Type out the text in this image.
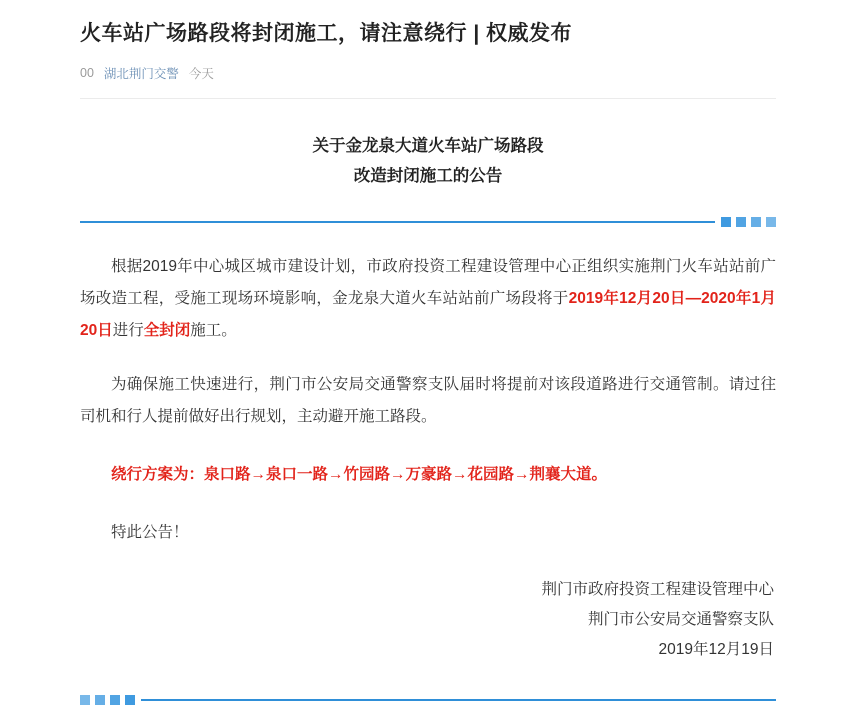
火车站广场路段将封闭施工，请注意绕行 | 权威发布
00 湖北荆门交警 今天
关于金龙泉大道火车站广场路段
改造封闭施工的公告

根据2019年中心城区城市建设计划，市政府投资工程建设管理中心正组织实施荆门火车站站前广场改造工程，受施工现场环境影响，金龙泉大道火车站站前广场段将于2019年12月20日—2020年1月20日进行全封闭施工。

为确保施工快速进行，荆门市公安局交通警察支队届时将提前对该段道路进行交通管制。请过往司机和行人提前做好出行规划，主动避开施工路段。

绕行方案为：泉口路→泉口一路→竹园路→万豪路→花园路→荆襄大道。

特此公告！

荆门市政府投资工程建设管理中心
荆门市公安局交通警察支队
2019年12月19日
